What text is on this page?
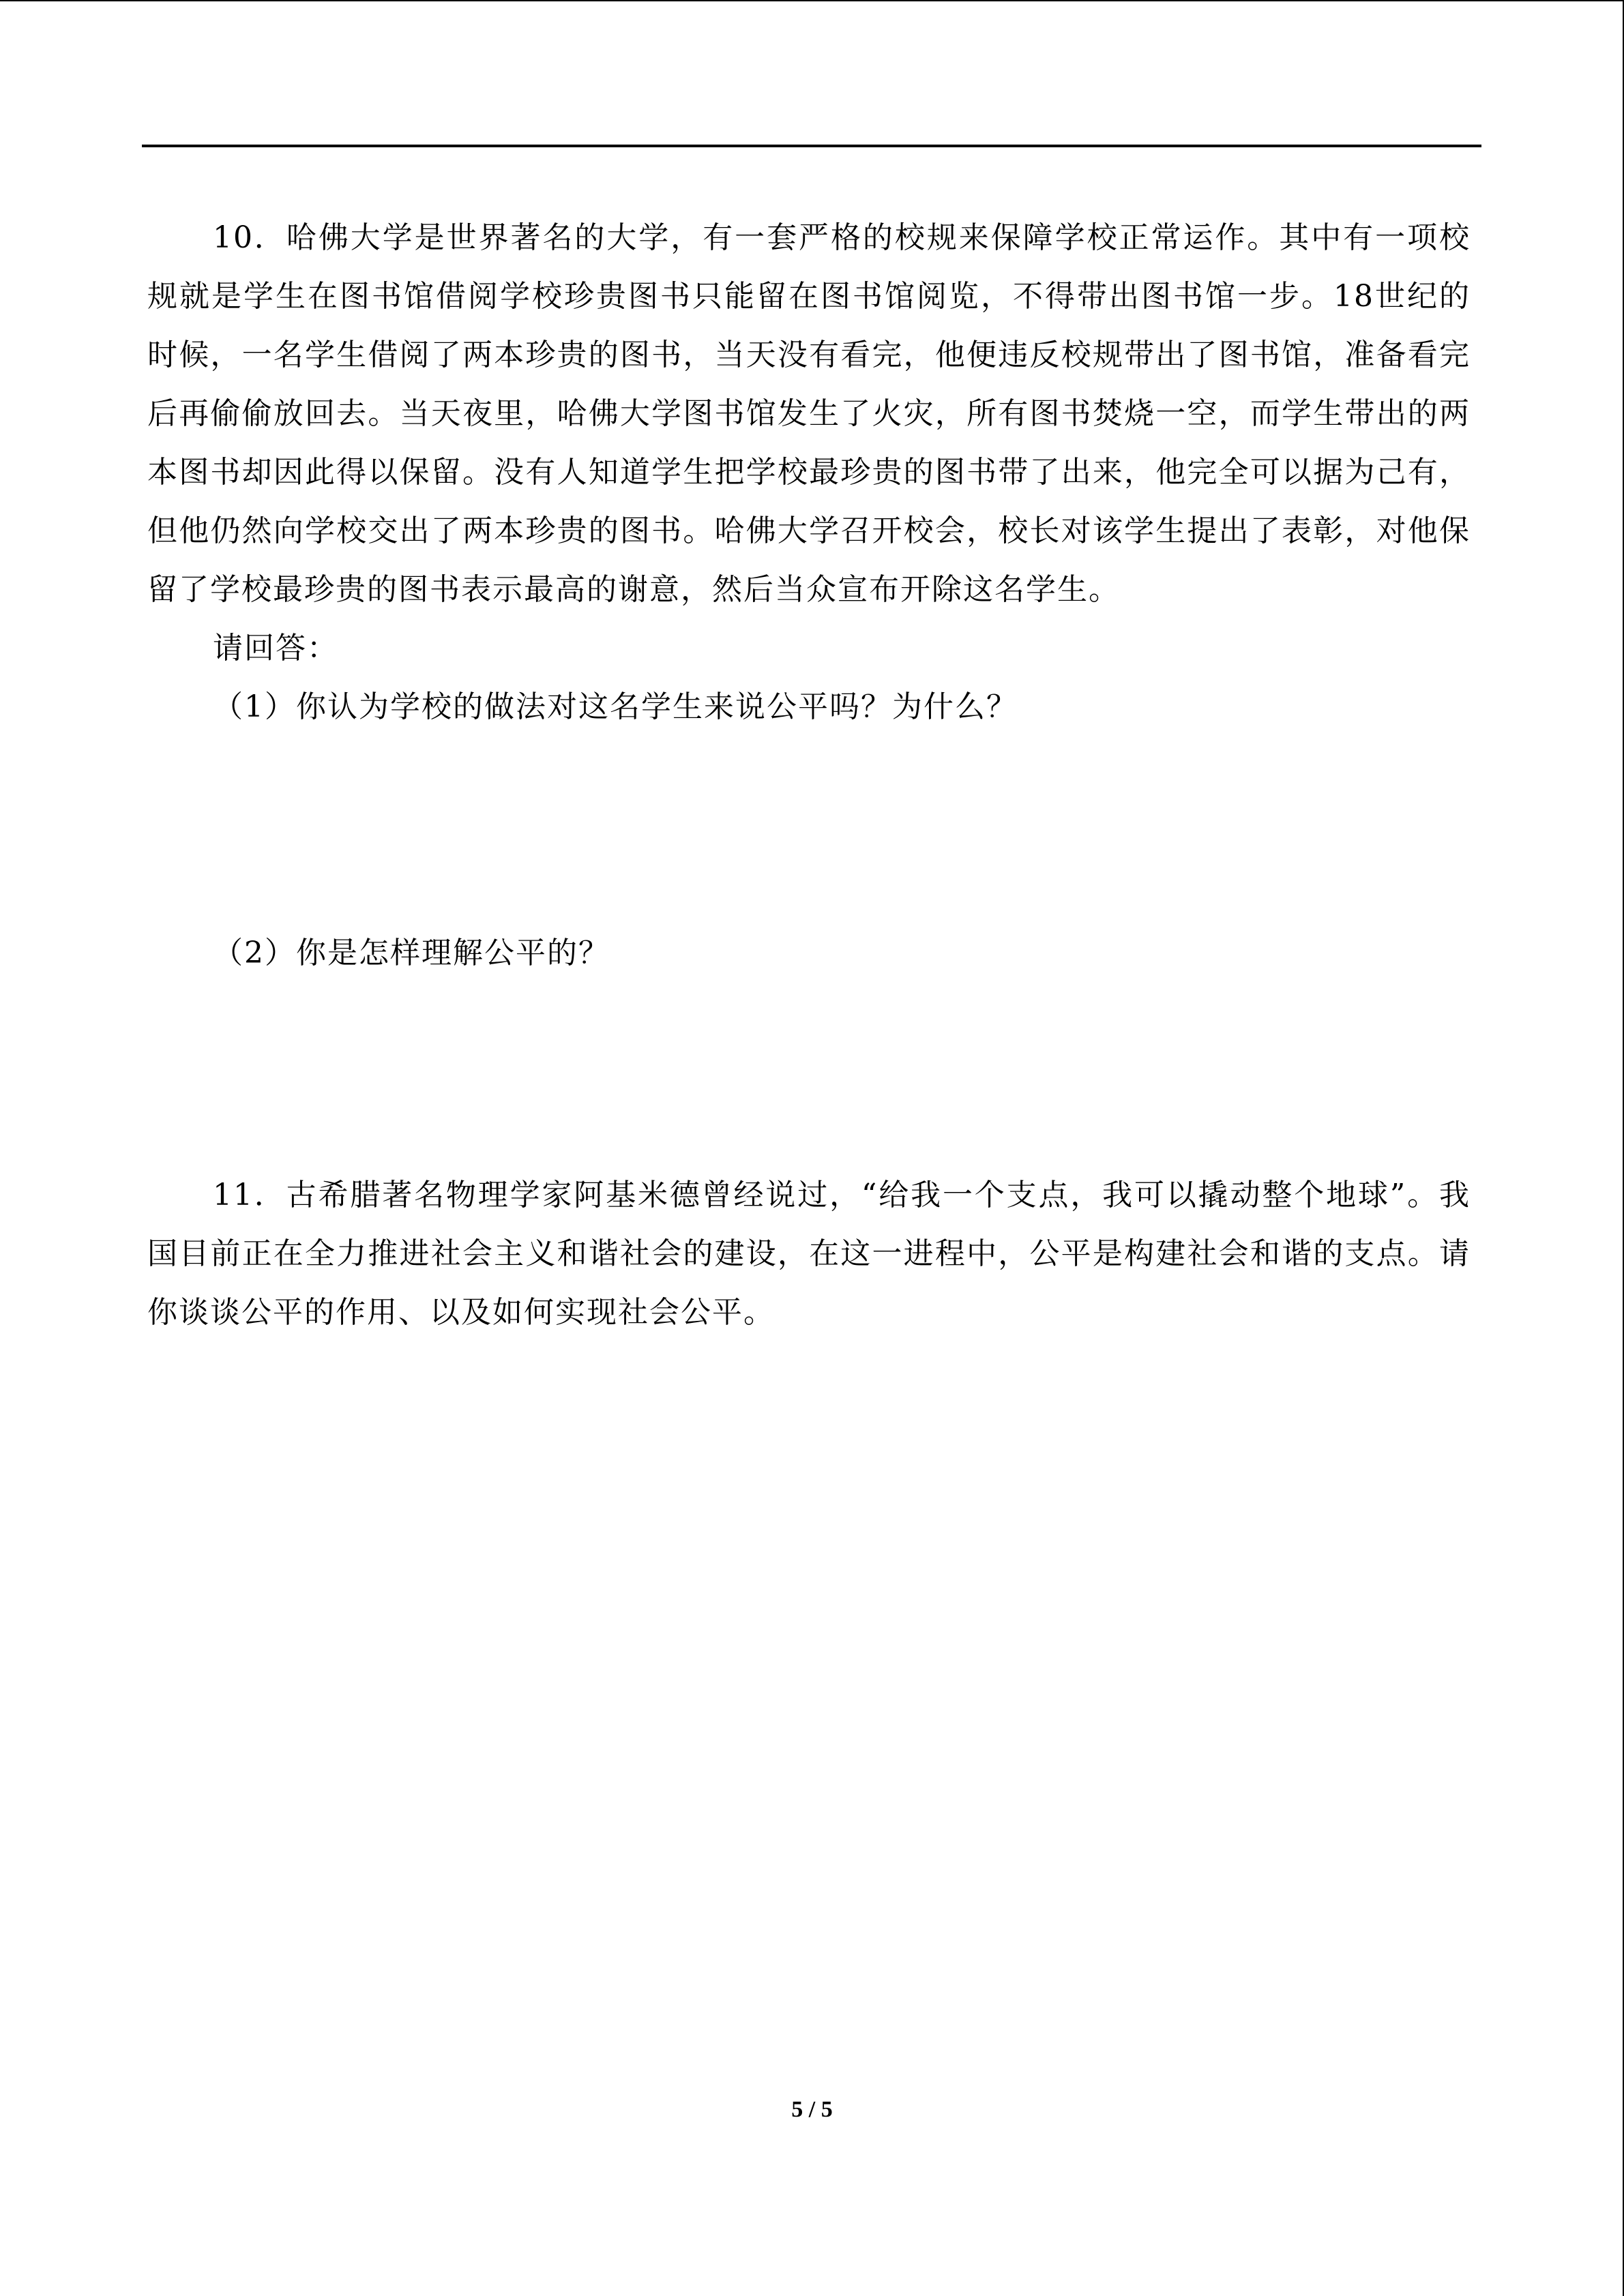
10．哈佛大学是世界著名的大学，有一套严格的校规来保障学校正常运作。其中有一项校规就是学生在图书馆借阅学校珍贵图书只能留在图书馆阅览，不得带出图书馆一步。18世纪的时候，一名学生借阅了两本珍贵的图书，当天没有看完，他便违反校规带出了图书馆，准备看完后再偷偷放回去。当天夜里，哈佛大学图书馆发生了火灾，所有图书焚烧一空，而学生带出的两本图书却因此得以保留。没有人知道学生把学校最珍贵的图书带了出来，他完全可以据为己有，但他仍然向学校交出了两本珍贵的图书。哈佛大学召开校会，校长对该学生提出了表彰，对他保留了学校最珍贵的图书表示最高的谢意，然后当众宣布开除这名学生。

请回答：

（1）你认为学校的做法对这名学生来说公平吗？为什么？

（2）你是怎样理解公平的？

11．古希腊著名物理学家阿基米德曾经说过，“给我一个支点，我可以撬动整个地球”。我国目前正在全力推进社会主义和谐社会的建设，在这一进程中，公平是构建社会和谐的支点。请你谈谈公平的作用、以及如何实现社会公平。

5 / 5
